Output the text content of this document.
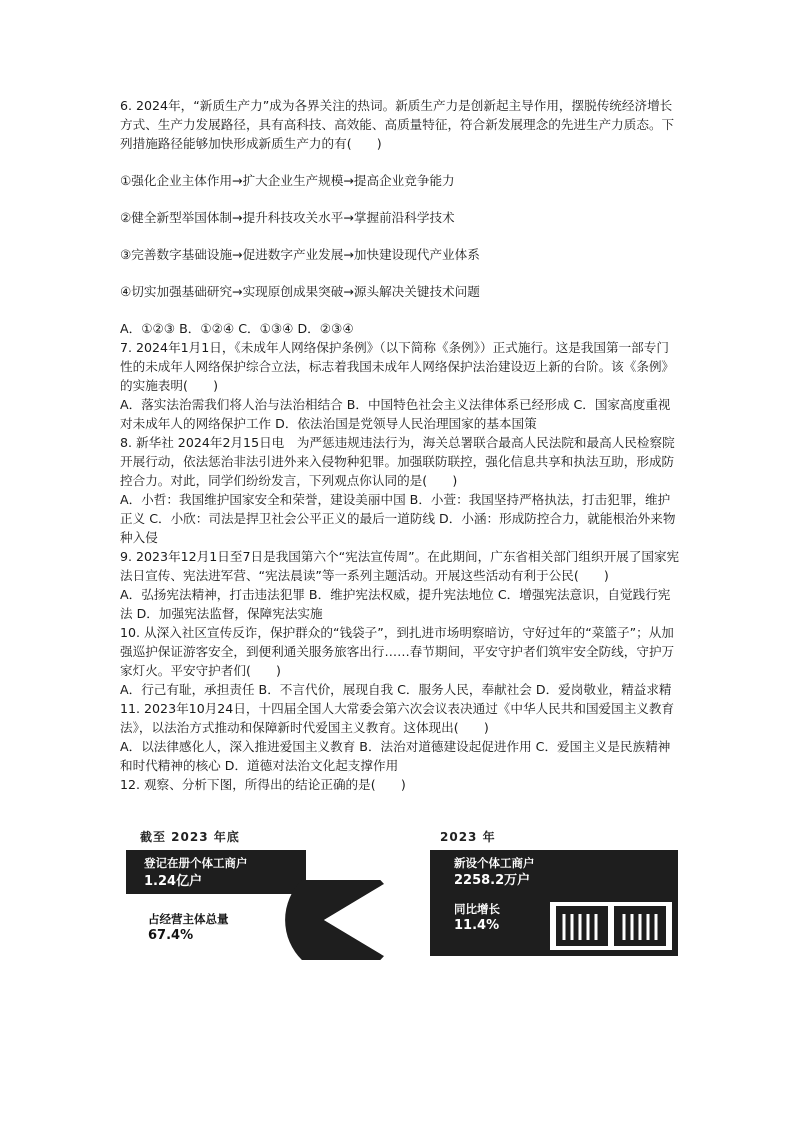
6. 2024年，“新质生产力”成为各界关注的热词。新质生产力是创新起主导作用，摆脱传统经济增长方式、生产力发展路径，具有高科技、高效能、高质量特征，符合新发展理念的先进生产力质态。下列措施路径能够加快形成新质生产力的有(　　)

①强化企业主体作用→扩大企业生产规模→提高企业竞争能力

②健全新型举国体制→提升科技攻关水平→掌握前沿科学技术

③完善数字基础设施→促进数字产业发展→加快建设现代产业体系

④切实加强基础研究→实现原创成果突破→源头解决关键技术问题

A．①②③ B．①②④ C．①③④ D．②③④

7. 2024年1月1日，《未成年人网络保护条例》（以下简称《条例》）正式施行。这是我国第一部专门性的未成年人网络保护综合立法，标志着我国未成年人网络保护法治建设迈上新的台阶。该《条例》的实施表明(　　)

A．落实法治需我们将人治与法治相结合 B．中国特色社会主义法律体系已经形成 C．国家高度重视对未成年人的网络保护工作 D．依法治国是党领导人民治理国家的基本国策

8. 新华社 2024年2月15日电　为严惩违规违法行为，海关总署联合最高人民法院和最高人民检察院开展行动，依法惩治非法引进外来入侵物种犯罪。加强联防联控，强化信息共享和执法互助，形成防控合力。对此，同学们纷纷发言，下列观点你认同的是(　　)

A．小哲：我国维护国家安全和荣誉，建设美丽中国 B．小萱：我国坚持严格执法，打击犯罪，维护正义 C．小欣：司法是捍卫社会公平正义的最后一道防线 D．小涵：形成防控合力，就能根治外来物种入侵

9. 2023年12月1日至7日是我国第六个“宪法宣传周”。在此期间，广东省相关部门组织开展了国家宪法日宣传、宪法进军营、“宪法晨读”等一系列主题活动。开展这些活动有利于公民(　　)

A．弘扬宪法精神，打击违法犯罪 B．维护宪法权威，提升宪法地位 C．增强宪法意识，自觉践行宪法 D．加强宪法监督，保障宪法实施

10. 从深入社区宣传反诈，保护群众的“钱袋子”，到扎进市场明察暗访，守好过年的“菜篮子”；从加强巡护保证游客安全，到便利通关服务旅客出行……春节期间，平安守护者们筑牢安全防线，守护万家灯火。平安守护者们(　　)

A．行己有耻，承担责任 B．不言代价，展现自我 C．服务人民，奉献社会 D．爱岗敬业，精益求精

11. 2023年10月24日，十四届全国人大常委会第六次会议表决通过《中华人民共和国爱国主义教育法》，以法治方式推动和保障新时代爱国主义教育。这体现出(　　)

A．以法律感化人，深入推进爱国主义教育 B．法治对道德建设起促进作用 C．爱国主义是民族精神和时代精神的核心 D．道德对法治文化起支撑作用

12. 观察、分析下图，所得出的结论正确的是(　　)

截至 2023 年底
登记在册个体工商户
1.24亿户
占经营主体总量
67.4%
2023 年
新设个体工商户
2258.2万户
同比增长
11.4%
